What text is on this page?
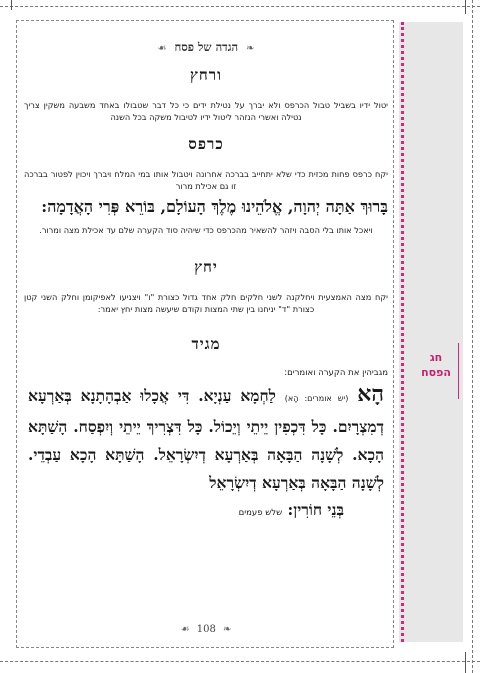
חג
הפסח
❧ הגדה של פסח ☙
ורחץ

יטול ידיו בשביל טבול הכרפס ולא יברך על נטילת ידים כי כל דבר שטבולו באחד משבעה משקין צריך נטילה ואשרי הנזהר ליטול ידיו לטיבול משקה בכל השנה

כרפס

יקח כרפס פחות מכזית כדי שלא יתחייב בברכה אחרונה ויטבול אותו במי המלח ויברך ויכוין לפטור בברכה זו גם אכילת מרור

בָּרוּךְ אַתָּה יְהוָה, אֱלֹהֵינוּ מֶלֶךְ הָעוֹלָם, בּוֹרֵא פְּרִי הָאֲדָמָה:

ויאכל אותו בלי הסבה ויזהר להשאיר מהכרפס כדי שיהיה סוד הקערה שלם עד אכילת מצה ומרור.

יחץ

יקח מצה האמצעית ויחלקנה לשני חלקים חלק אחד גדול כצורת "ו" ויצניעו לאפיקומן וחלק השני קטן כצורת "ד" יניחנו בין שתי המצות וקודם שיעשה מצות יחץ יאמר:

מגיד

מגביהין את הקערה ואומרים:

הָא (יש אומרים: הָא) לַחְמָא עַנְיָא. דִּי אֲכָלוּ אַבְהָתָנָא בְּאַרְעָא דְמִצְרָיִם. כָּל דִּכְפִין יֵיתֵי וְיֵכוֹל. כָּל דִּצְרִיךְ יֵיתֵי וְיִפְסַח. הָשַׁתָּא הָכָא. לְשָׁנָה הַבָּאָה בְּאַרְעָא דְיִשְׂרָאֵל. הָשַׁתָּא הָכָא עַבְדֵי. לְשָׁנָה הַבָּאָה בְּאַרְעָא דְיִשְׂרָאֵל

בְּנֵי חוֹרִין: שלש פעמים

❧ 108 ☙
